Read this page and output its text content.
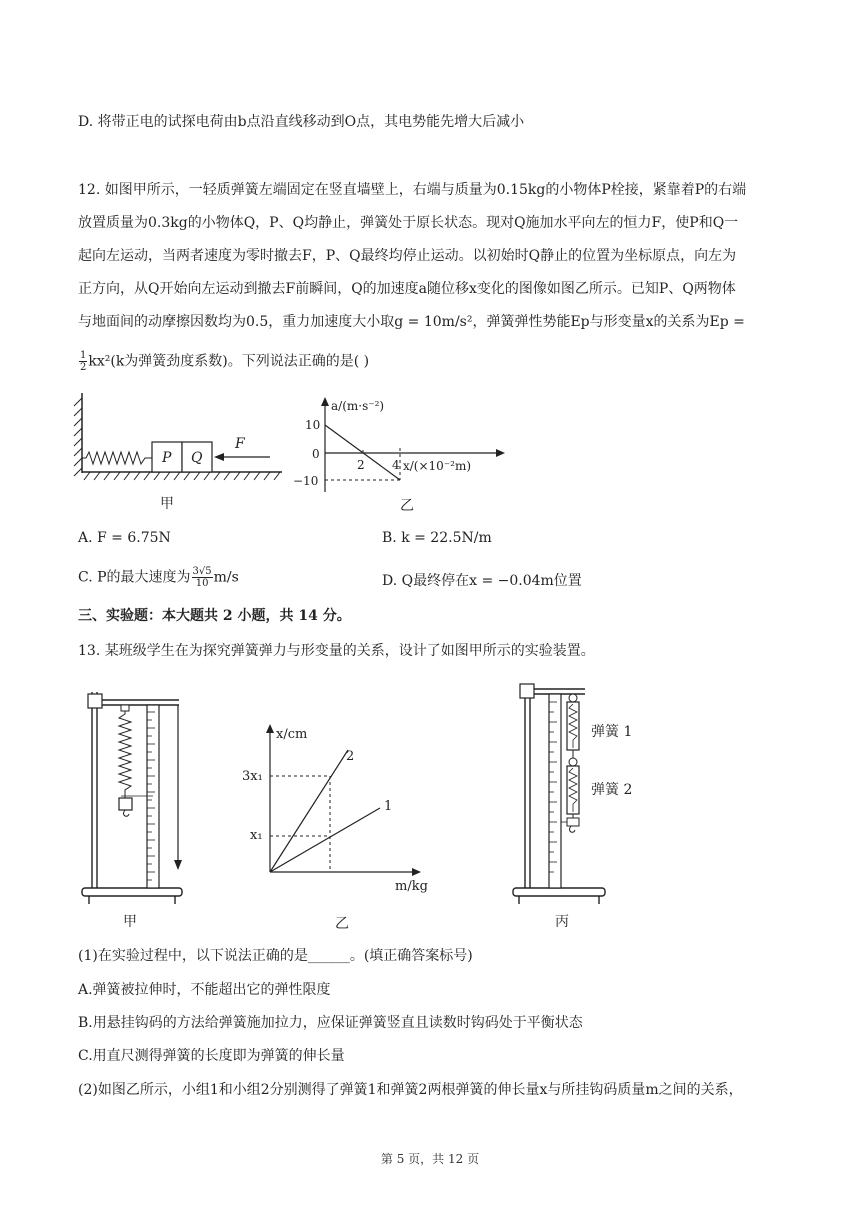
D. 将带正电的试探电荷由b点沿直线移动到O点，其电势能先增大后减小
12. 如图甲所示，一轻质弹簧左端固定在竖直墙壁上，右端与质量为0.15kg的小物体P栓接，紧靠着P的右端
放置质量为0.3kg的小物体Q，P、Q均静止，弹簧处于原长状态。现对Q施加水平向左的恒力F，使P和Q一
起向左运动，当两者速度为零时撤去F，P、Q最终均停止运动。以初始时Q静止的位置为坐标原点，向左为
正方向，从Q开始向左运动到撤去F前瞬间，Q的加速度a随位移x变化的图像如图乙所示。已知P、Q两物体
与地面间的动摩擦因数均为0.5，重力加速度大小取g = 10m/s²，弹簧弹性势能Ep与形变量x的关系为Ep =
$\frac{1}{2} kx^2(k$为弹簧劲度系数)。下列说法正确的是( )
P Q
F
甲
a/(m·s⁻²)
x/(×10⁻²m)
10
0
−10
2 4
乙
A. F = 6.75N	B. k = 22.5N/m
C. P的最大速度为 $\frac{3√5}{10} m/s$	D. Q最终停在x = −0.04m位置
三、实验题：本大题共 2 小题，共 14 分。
13. 某班级学生在为探究弹簧弹力与形变量的关系，设计了如图甲所示的实验装置。
甲
x/cm
m/kg
3x₁
x₁
2
1
乙
弹簧 1
弹簧 2
丙
(1)在实验过程中，以下说法正确的是______。(填正确答案标号)
A.弹簧被拉伸时，不能超出它的弹性限度
B.用悬挂钩码的方法给弹簧施加拉力，应保证弹簧竖直且读数时钩码处于平衡状态
C.用直尺测得弹簧的长度即为弹簧的伸长量
(2)如图乙所示，小组1和小组2分别测得了弹簧1和弹簧2两根弹簧的伸长量x与所挂钩码质量m之间的关系，
第 5 页，共 12 页
